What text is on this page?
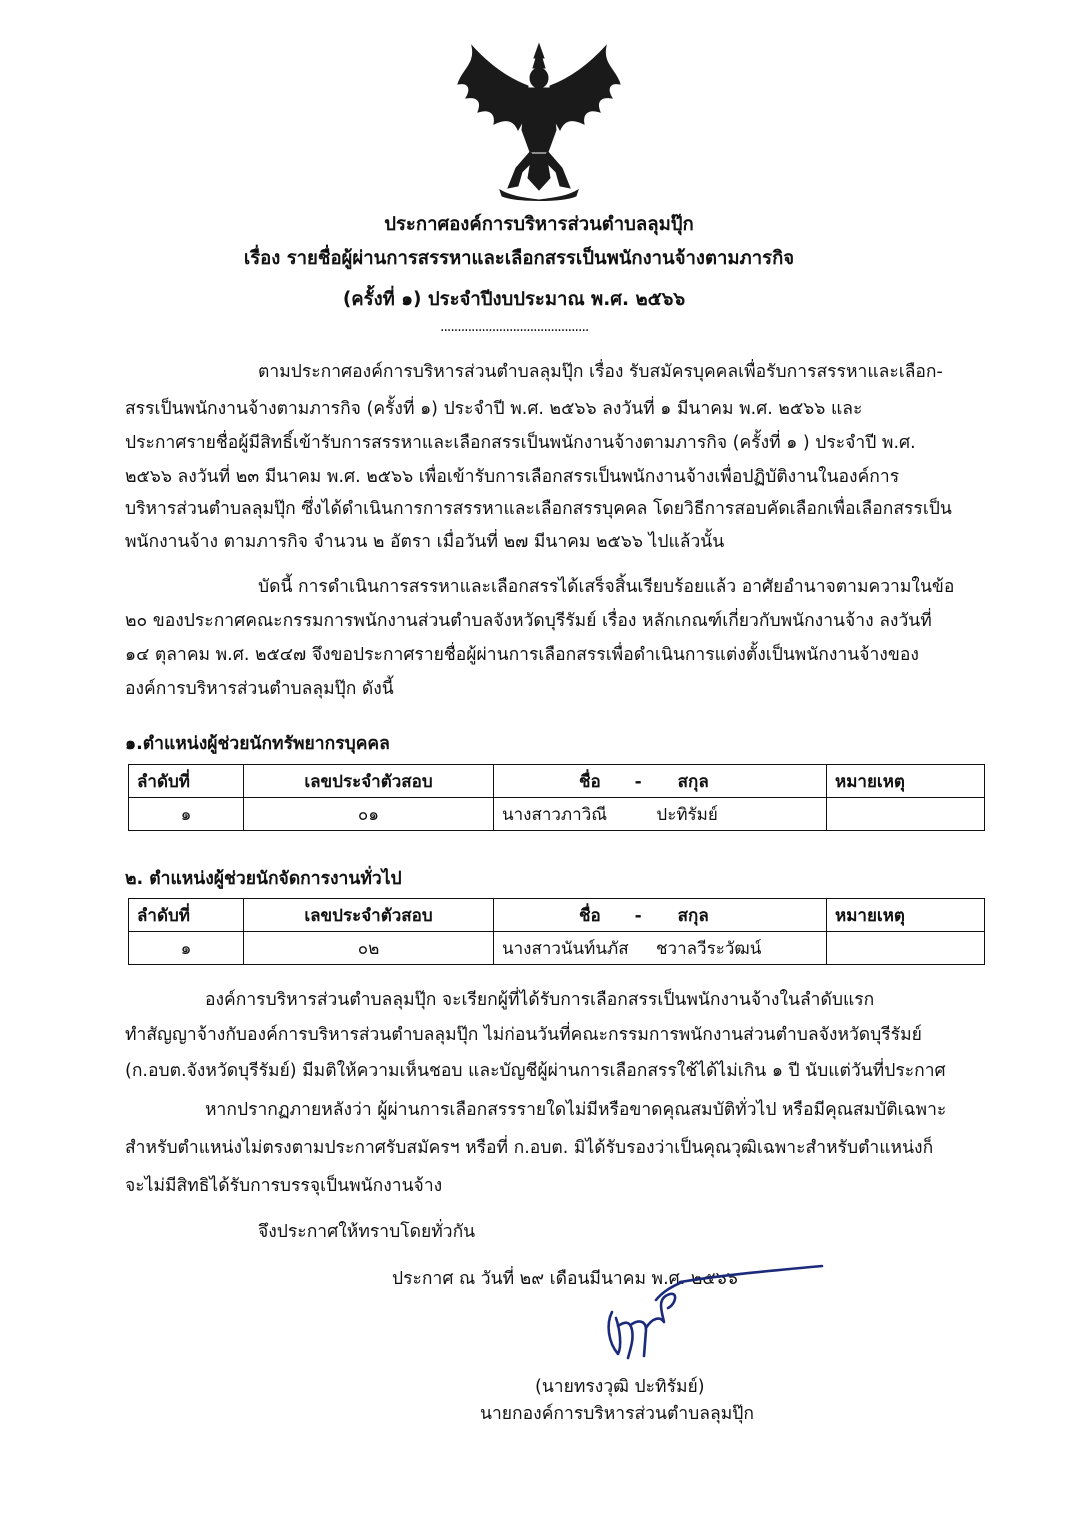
ประกาศองค์การบริหารส่วนตำบลลุมปุ๊ก
เรื่อง รายชื่อผู้ผ่านการสรรหาและเลือกสรรเป็นพนักงานจ้างตามภารกิจ
(ครั้งที่ ๑) ประจำปีงบประมาณ พ.ศ. ๒๕๖๖
...........................................
ตามประกาศองค์การบริหารส่วนตำบลลุมปุ๊ก เรื่อง รับสมัครบุคคลเพื่อรับการสรรหาและเลือก-
สรรเป็นพนักงานจ้างตามภารกิจ (ครั้งที่ ๑) ประจำปี พ.ศ. ๒๕๖๖ ลงวันที่ ๑ มีนาคม พ.ศ. ๒๕๖๖ และ
ประกาศรายชื่อผู้มีสิทธิ์เข้ารับการสรรหาและเลือกสรรเป็นพนักงานจ้างตามภารกิจ (ครั้งที่ ๑ ) ประจำปี พ.ศ.
๒๕๖๖ ลงวันที่ ๒๓ มีนาคม พ.ศ. ๒๕๖๖ เพื่อเข้ารับการเลือกสรรเป็นพนักงานจ้างเพื่อปฏิบัติงานในองค์การ
บริหารส่วนตำบลลุมปุ๊ก ซึ่งได้ดำเนินการการสรรหาและเลือกสรรบุคคล โดยวิธีการสอบคัดเลือกเพื่อเลือกสรรเป็น
พนักงานจ้าง ตามภารกิจ จำนวน ๒ อัตรา เมื่อวันที่ ๒๗ มีนาคม ๒๕๖๖ ไปแล้วนั้น
บัดนี้ การดำเนินการสรรหาและเลือกสรรได้เสร็จสิ้นเรียบร้อยแล้ว อาศัยอำนาจตามความในข้อ
๒๐ ของประกาศคณะกรรมการพนักงานส่วนตำบลจังหวัดบุรีรัมย์ เรื่อง หลักเกณฑ์เกี่ยวกับพนักงานจ้าง ลงวันที่
๑๔ ตุลาคม พ.ศ. ๒๕๔๗ จึงขอประกาศรายชื่อผู้ผ่านการเลือกสรรเพื่อดำเนินการแต่งตั้งเป็นพนักงานจ้างของ
องค์การบริหารส่วนตำบลลุมปุ๊ก ดังนี้
๑.ตำแหน่งผู้ช่วยนักทรัพยากรบุคคล
ลำดับที่	เลขประจำตัวสอบ	ชื่อ - สกุล	หมายเหตุ
๑	๐๑	นางสาวภาวิณี ปะทิรัมย์	
๒. ตำแหน่งผู้ช่วยนักจัดการงานทั่วไป
ลำดับที่	เลขประจำตัวสอบ	ชื่อ - สกุล	หมายเหตุ
๑	๐๒	นางสาวนันท์นภัส ชวาลวีระวัฒน์	
องค์การบริหารส่วนตำบลลุมปุ๊ก จะเรียกผู้ที่ได้รับการเลือกสรรเป็นพนักงานจ้างในลำดับแรก
ทำสัญญาจ้างกับองค์การบริหารส่วนตำบลลุมปุ๊ก ไม่ก่อนวันที่คณะกรรมการพนักงานส่วนตำบลจังหวัดบุรีรัมย์
(ก.อบต.จังหวัดบุรีรัมย์) มีมติให้ความเห็นชอบ และบัญชีผู้ผ่านการเลือกสรรใช้ได้ไม่เกิน ๑ ปี นับแต่วันที่ประกาศ
หากปรากฏภายหลังว่า ผู้ผ่านการเลือกสรรรายใดไม่มีหรือขาดคุณสมบัติทั่วไป หรือมีคุณสมบัติเฉพาะ
สำหรับตำแหน่งไม่ตรงตามประกาศรับสมัครฯ หรือที่ ก.อบต. มิได้รับรองว่าเป็นคุณวุฒิเฉพาะสำหรับตำแหน่งก็
จะไม่มีสิทธิได้รับการบรรจุเป็นพนักงานจ้าง
จึงประกาศให้ทราบโดยทั่วกัน
ประกาศ ณ วันที่ ๒๙ เดือนมีนาคม พ.ศ. ๒๕๖๖
(นายทรงวุฒิ ปะทิรัมย์)
นายกองค์การบริหารส่วนตำบลลุมปุ๊ก
